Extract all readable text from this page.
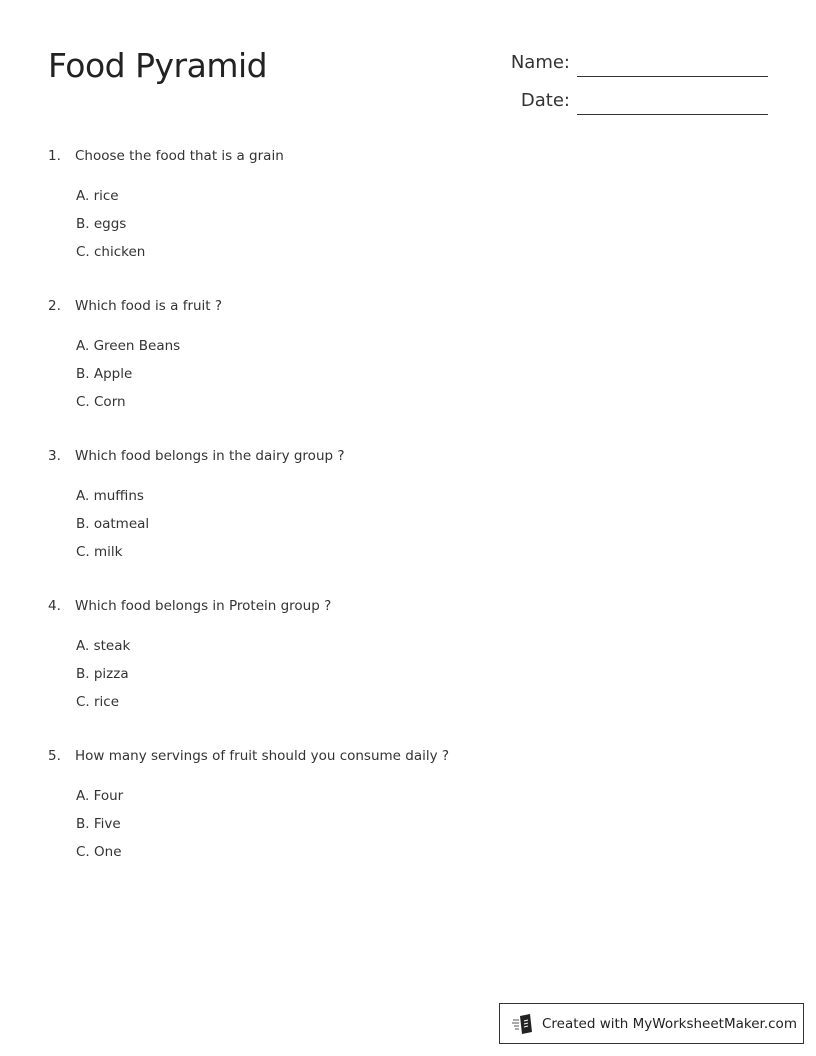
Food Pyramid	Name:
Date:
1. Choose the food that is a grain
A. rice
B. eggs
C. chicken
2. Which food is a fruit ?
A. Green Beans
B. Apple
C. Corn
3. Which food belongs in the dairy group ?
A. muffins
B. oatmeal
C. milk
4. Which food belongs in Protein group ?
A. steak
B. pizza
C. rice
5. How many servings of fruit should you consume daily ?
A. Four
B. Five
C. One
Created with MyWorksheetMaker.com
